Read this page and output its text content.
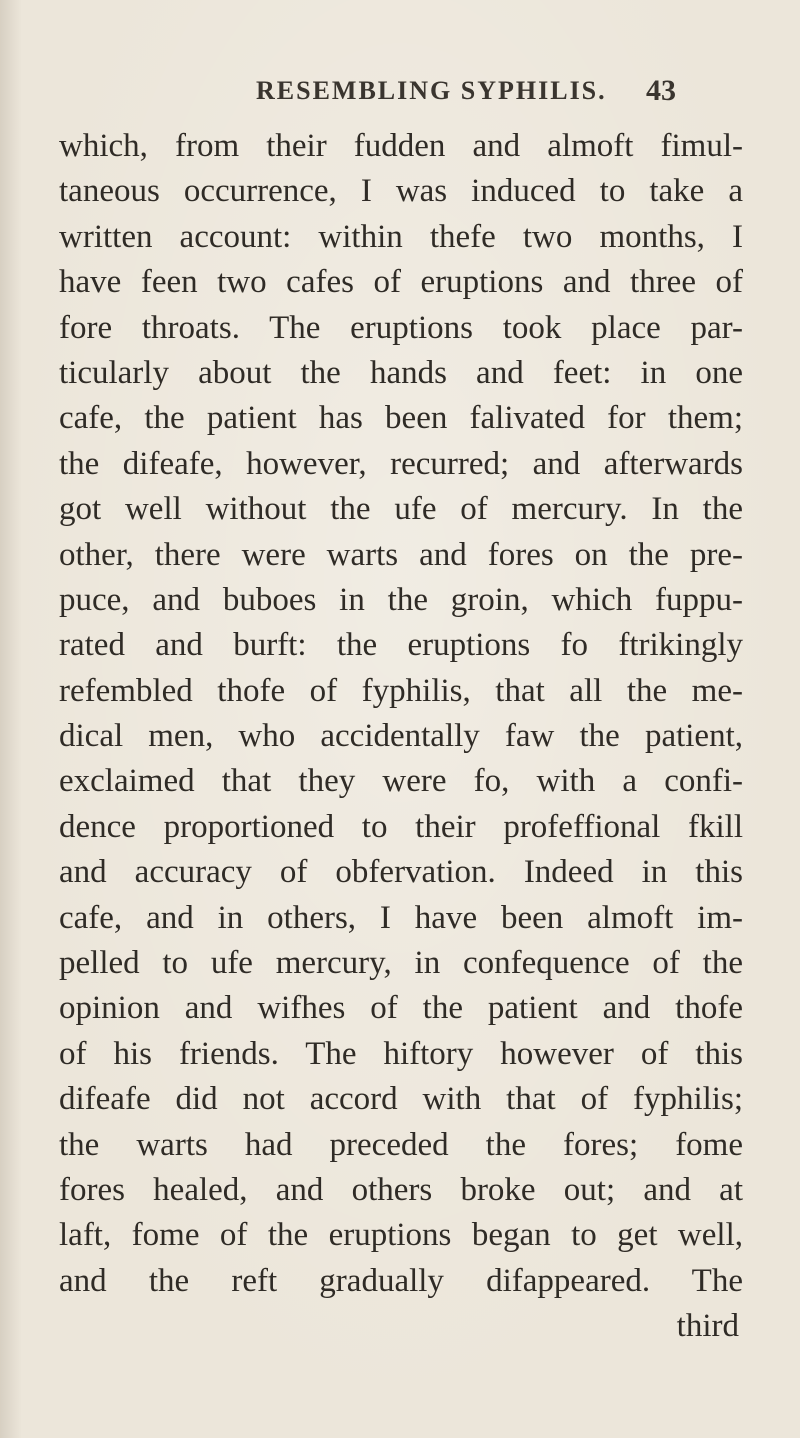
RESEMBLING SYPHILIS. 43
which, from their fudden and almoft fimul-
taneous occurrence, I was induced to take a
written account: within thefe two months, I
have feen two cafes of eruptions and three of
fore throats. The eruptions took place par-
ticularly about the hands and feet: in one
cafe, the patient has been falivated for them;
the difeafe, however, recurred; and afterwards
got well without the ufe of mercury. In the
other, there were warts and fores on the pre-
puce, and buboes in the groin, which fuppu-
rated and burft: the eruptions fo ftrikingly
refembled thofe of fyphilis, that all the me-
dical men, who accidentally faw the patient,
exclaimed that they were fo, with a confi-
dence proportioned to their profeffional fkill
and accuracy of obfervation. Indeed in this
cafe, and in others, I have been almoft im-
pelled to ufe mercury, in confequence of the
opinion and wifhes of the patient and thofe
of his friends. The hiftory however of this
difeafe did not accord with that of fyphilis;
the warts had preceded the fores; fome
fores healed, and others broke out; and at
laft, fome of the eruptions began to get well,
and the reft gradually difappeared. The
third
